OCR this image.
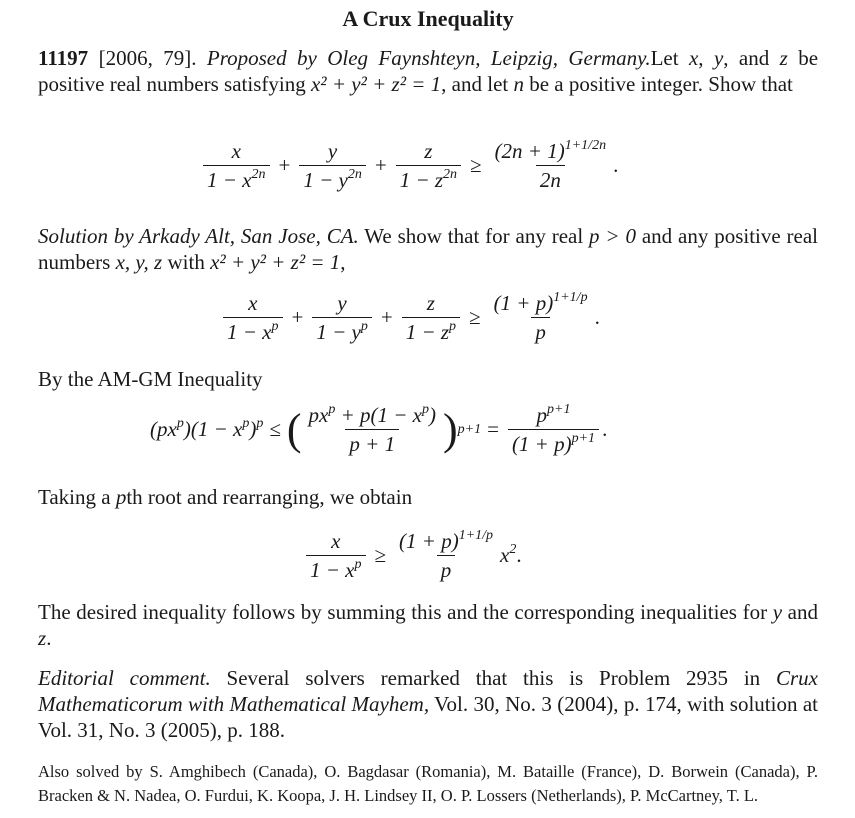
A Crux Inequality
11197 [2006, 79]. Proposed by Oleg Faynshteyn, Leipzig, Germany.Let x, y, and z be positive real numbers satisfying x² + y² + z² = 1, and let n be a positive integer. Show that
$\frac{x}{1 - x^{2n}} + \frac{y}{1 - y^{2n}} + \frac{z}{1 - z^{2n}} \ge \frac{(2n + 1)^{1+1/2n}}{2n}$ .
Solution by Arkady Alt, San Jose, CA. We show that for any real p > 0 and any positive real numbers x, y, z with x² + y² + z² = 1,
$\frac{x}{1 - x^p} + \frac{y}{1 - y^p} + \frac{z}{1 - z^p} \ge \frac{(1 + p)^{1+1/p}}{p}$ .
By the AM-GM Inequality
$(px^p)(1 - x^p)^p$ ≤ ( $\frac{px^p + p(1 - x^p)}{p + 1}$ ) $p+1 = \frac{p^{p+1}}{(1 + p)^{p+1}}$ .
Taking a pth root and rearranging, we obtain
$\frac{x}{1 - x^p} \ge \frac{(1 + p)^{1+1/p}}{p} x^2$ .
The desired inequality follows by summing this and the corresponding inequalities for y and z.
Editorial comment. Several solvers remarked that this is Problem 2935 in Crux Mathematicorum with Mathematical Mayhem, Vol. 30, No. 3 (2004), p. 174, with solution at Vol. 31, No. 3 (2005), p. 188.
Also solved by S. Amghibech (Canada), O. Bagdasar (Romania), M. Bataille (France), D. Borwein (Canada), P. Bracken & N. Nadea, O. Furdui, K. Koopa, J. H. Lindsey II, O. P. Lossers (Netherlands), P. McCartney, T. L.
